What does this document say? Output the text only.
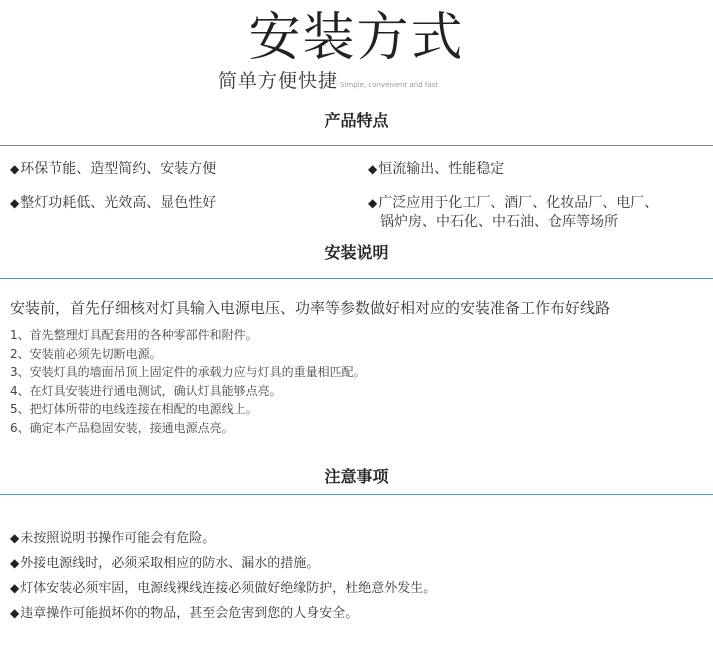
安装方式
简单方便快捷 Simple, convenient and fast
产品特点
◆环保节能、造型简约、安装方便	◆恒流输出、性能稳定
◆整灯功耗低、光效高、显色性好	◆广泛应用于化工厂、酒厂、化妆品厂、电厂、
锅炉房、中石化、中石油、仓库等场所
安装说明
安装前，首先仔细核对灯具输入电源电压、功率等参数做好相对应的安装准备工作布好线路
1、首先整理灯具配套用的各种零部件和附件。
2、安装前必须先切断电源。
3、安装灯具的墙面吊顶上固定件的承载力应与灯具的重量相匹配。
4、在灯具安装进行通电测试，确认灯具能够点亮。
5、把灯体所带的电线连接在相配的电源线上。
6、确定本产品稳固安装，接通电源点亮。
注意事项
◆未按照说明书操作可能会有危险。
◆外接电源线时，必须采取相应的防水、漏水的措施。
◆灯体安装必须牢固，电源线裸线连接必须做好绝缘防护，杜绝意外发生。
◆违章操作可能损坏你的物品，甚至会危害到您的人身安全。
